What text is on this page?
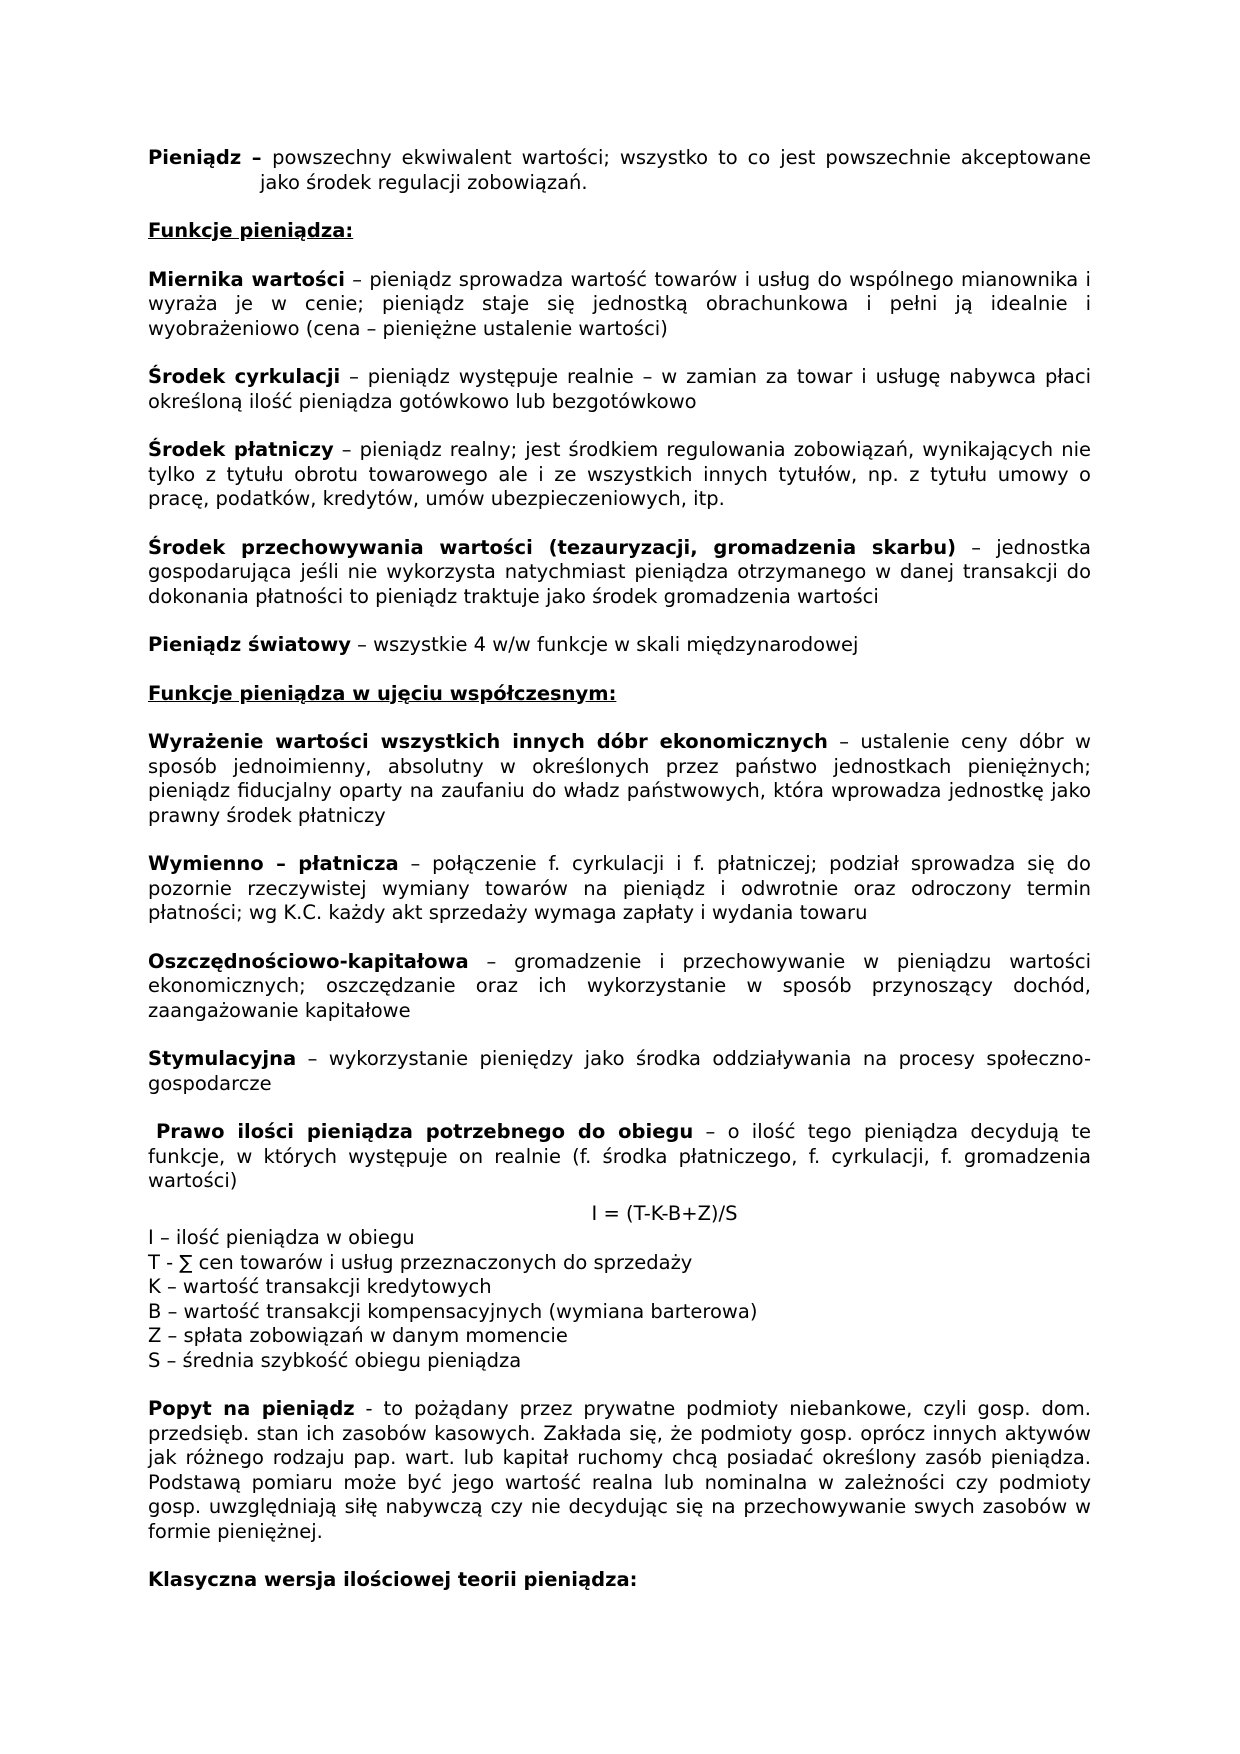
Pieniądz – powszechny ekwiwalent wartości; wszystko to co jest powszechnie akceptowane jako środek regulacji zobowiązań.

Funkcje pieniądza:

Miernika wartości – pieniądz sprowadza wartość towarów i usług do wspólnego mianownika i wyraża je w cenie; pieniądz staje się jednostką obrachunkowa i pełni ją idealnie i wyobrażeniowo (cena – pieniężne ustalenie wartości)

Środek cyrkulacji – pieniądz występuje realnie – w zamian za towar i usługę nabywca płaci określoną ilość pieniądza gotówkowo lub bezgotówkowo

Środek płatniczy – pieniądz realny; jest środkiem regulowania zobowiązań, wynikających nie tylko z tytułu obrotu towarowego ale i ze wszystkich innych tytułów, np. z tytułu umowy o pracę, podatków, kredytów, umów ubezpieczeniowych, itp.

Środek przechowywania wartości (tezauryzacji, gromadzenia skarbu) – jednostka gospodarująca jeśli nie wykorzysta natychmiast pieniądza otrzymanego w danej transakcji do dokonania płatności to pieniądz traktuje jako środek gromadzenia wartości

Pieniądz światowy – wszystkie 4 w/w funkcje w skali międzynarodowej

Funkcje pieniądza w ujęciu współczesnym:

Wyrażenie wartości wszystkich innych dóbr ekonomicznych – ustalenie ceny dóbr w sposób jednoimienny, absolutny w określonych przez państwo jednostkach pieniężnych; pieniądz fiducjalny oparty na zaufaniu do władz państwowych, która wprowadza jednostkę jako prawny środek płatniczy

Wymienno – płatnicza – połączenie f. cyrkulacji i f. płatniczej; podział sprowadza się do pozornie rzeczywistej wymiany towarów na pieniądz i odwrotnie oraz odroczony termin płatności; wg K.C. każdy akt sprzedaży wymaga zapłaty i wydania towaru

Oszczędnościowo-kapitałowa – gromadzenie i przechowywanie w pieniądzu wartości ekonomicznych; oszczędzanie oraz ich wykorzystanie w sposób przynoszący dochód, zaangażowanie kapitałowe

Stymulacyjna – wykorzystanie pieniędzy jako środka oddziaływania na procesy społeczno-gospodarcze

Prawo ilości pieniądza potrzebnego do obiegu – o ilość tego pieniądza decydują te funkcje, w których występuje on realnie (f. środka płatniczego, f. cyrkulacji, f. gromadzenia wartości)

I = (T-K-B+Z)/S
I – ilość pieniądza w obiegu
T - ∑ cen towarów i usług przeznaczonych do sprzedaży
K – wartość transakcji kredytowych
B – wartość transakcji kompensacyjnych (wymiana barterowa)
Z – spłata zobowiązań w danym momencie
S – średnia szybkość obiegu pieniądza

Popyt na pieniądz - to pożądany przez prywatne podmioty niebankowe, czyli gosp. dom. przedsięb. stan ich zasobów kasowych. Zakłada się, że podmioty gosp. oprócz innych aktywów jak różnego rodzaju pap. wart. lub kapitał ruchomy chcą posiadać określony zasób pieniądza. Podstawą pomiaru może być jego wartość realna lub nominalna w zależności czy podmioty gosp. uwzględniają siłę nabywczą czy nie decydując się na przechowywanie swych zasobów w formie pieniężnej.

Klasyczna wersja ilościowej teorii pieniądza:
